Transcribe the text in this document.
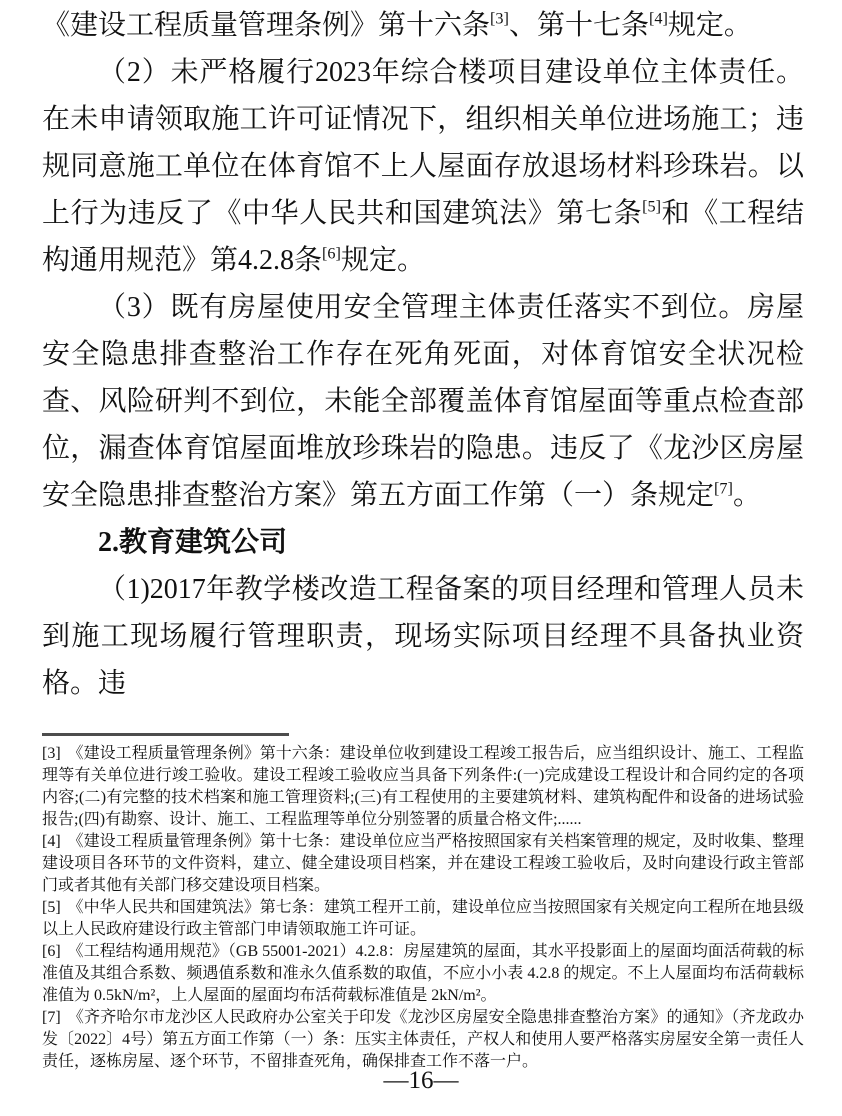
《建设工程质量管理条例》第十六条[3]、第十七条[4]规定。

（2）未严格履行2023年综合楼项目建设单位主体责任。在未申请领取施工许可证情况下，组织相关单位进场施工；违规同意施工单位在体育馆不上人屋面存放退场材料珍珠岩。以上行为违反了《中华人民共和国建筑法》第七条[5]和《工程结构通用规范》第4.2.8条[6]规定。

（3）既有房屋使用安全管理主体责任落实不到位。房屋安全隐患排查整治工作存在死角死面，对体育馆安全状况检查、风险研判不到位，未能全部覆盖体育馆屋面等重点检查部位，漏查体育馆屋面堆放珍珠岩的隐患。违反了《龙沙区房屋安全隐患排查整治方案》第五方面工作第（一）条规定[7]。

2.教育建筑公司

（1)2017年教学楼改造工程备案的项目经理和管理人员未到施工现场履行管理职责，现场实际项目经理不具备执业资格。违

[3] 《建设工程质量管理条例》第十六条：建设单位收到建设工程竣工报告后，应当组织设计、施工、工程监理等有关单位进行竣工验收。建设工程竣工验收应当具备下列条件:(一)完成建设工程设计和合同约定的各项内容;(二)有完整的技术档案和施工管理资料;(三)有工程使用的主要建筑材料、建筑构配件和设备的进场试验报告;(四)有勘察、设计、施工、工程监理等单位分别签署的质量合格文件;......

[4] 《建设工程质量管理条例》第十七条：建设单位应当严格按照国家有关档案管理的规定，及时收集、整理建设项目各环节的文件资料，建立、健全建设项目档案，并在建设工程竣工验收后，及时向建设行政主管部门或者其他有关部门移交建设项目档案。

[5] 《中华人民共和国建筑法》第七条：建筑工程开工前，建设单位应当按照国家有关规定向工程所在地县级以上人民政府建设行政主管部门申请领取施工许可证。

[6] 《工程结构通用规范》（GB 55001-2021）4.2.8：房屋建筑的屋面，其水平投影面上的屋面均面活荷载的标准值及其组合系数、频遇值系数和准永久值系数的取值，不应小小表 4.2.8 的规定。不上人屋面均布活荷载标准值为 0.5kN/m²，上人屋面的屋面均布活荷载标准值是 2kN/m²。

[7] 《齐齐哈尔市龙沙区人民政府办公室关于印发《龙沙区房屋安全隐患排查整治方案》的通知》（齐龙政办发〔2022〕4号）第五方面工作第（一）条：压实主体责任，产权人和使用人要严格落实房屋安全第一责任人责任，逐栋房屋、逐个环节，不留排查死角，确保排查工作不落一户。

—16—
